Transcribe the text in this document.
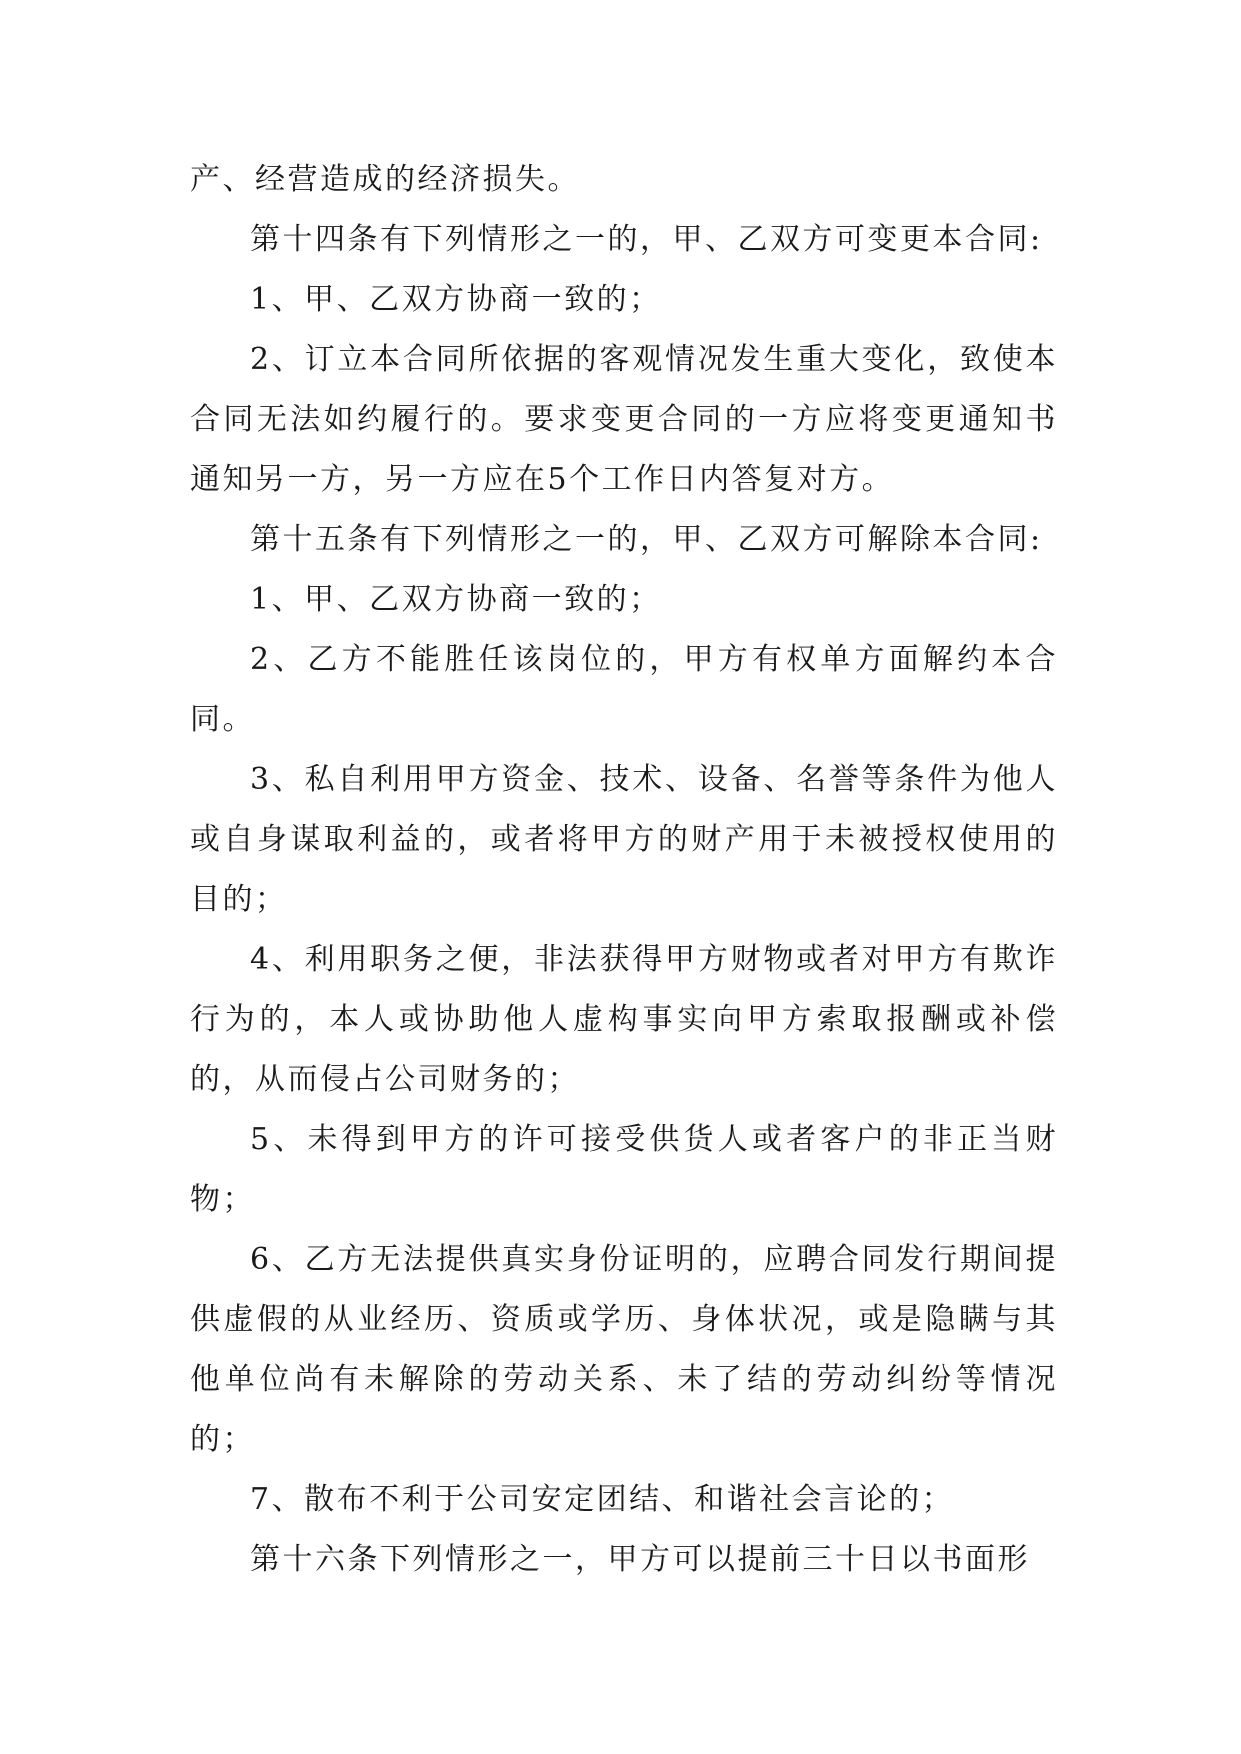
产、经营造成的经济损失。

第十四条有下列情形之一的，甲、乙双方可变更本合同:

1、甲、乙双方协商一致的；

2、订立本合同所依据的客观情况发生重大变化，致使本合同无法如约履行的。要求变更合同的一方应将变更通知书通知另一方，另一方应在5个工作日内答复对方。

第十五条有下列情形之一的，甲、乙双方可解除本合同:

1、甲、乙双方协商一致的；

2、乙方不能胜任该岗位的，甲方有权单方面解约本合同。

3、私自利用甲方资金、技术、设备、名誉等条件为他人或自身谋取利益的，或者将甲方的财产用于未被授权使用的目的；

4、利用职务之便，非法获得甲方财物或者对甲方有欺诈行为的，本人或协助他人虚构事实向甲方索取报酬或补偿的，从而侵占公司财务的；

5、未得到甲方的许可接受供货人或者客户的非正当财物；

6、乙方无法提供真实身份证明的，应聘合同发行期间提供虚假的从业经历、资质或学历、身体状况，或是隐瞒与其他单位尚有未解除的劳动关系、未了结的劳动纠纷等情况的；

7、散布不利于公司安定团结、和谐社会言论的；

第十六条下列情形之一，甲方可以提前三十日以书面形
